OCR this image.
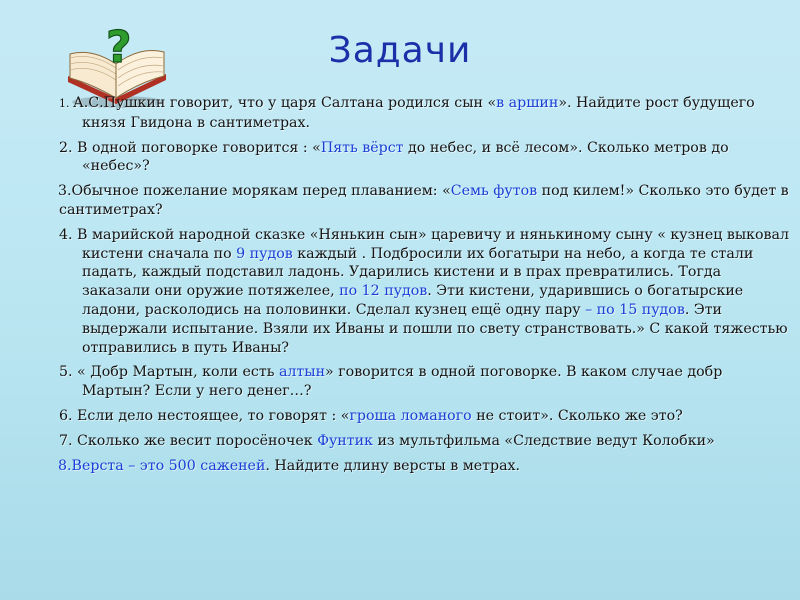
?	Задачи
1. А.С.Пушкин говорит, что у царя Салтана родился сын «в аршин». Найдите рост будущего князя Гвидона в сантиметрах.
2. В одной поговорке говорится : «Пять вёрст до небес, и всё лесом». Сколько метров до «небес»?
3.Обычное пожелание морякам перед плаванием: «Семь футов под килем!» Сколько это будет в сантиметрах?
4. В марийской народной сказке «Нянькин сын» царевичу и нянькиному сыну « кузнец выковал кистени сначала по 9 пудов каждый . Подбросили их богатыри на небо, а когда те стали падать, каждый подставил ладонь. Ударились кистени и в прах превратились. Тогда заказали они оружие потяжелее, по 12 пудов. Эти кистени, ударившись о богатырские ладони, расколодись на половинки. Сделал кузнец ещё одну пару – по 15 пудов. Эти выдержали испытание. Взяли их Иваны и пошли по свету странствовать.» С какой тяжестью отправились в путь Иваны?
5. « Добр Мартын, коли есть алтын» говорится в одной поговорке. В каком случае добр Мартын? Если у него денег…?
6. Если дело нестоящее, то говорят : «гроша ломаного не стоит». Сколько же это?
7. Сколько же весит поросёночек Фунтик из мультфильма «Следствие ведут Колобки»
8.Верста – это 500 саженей. Найдите длину версты в метрах.
